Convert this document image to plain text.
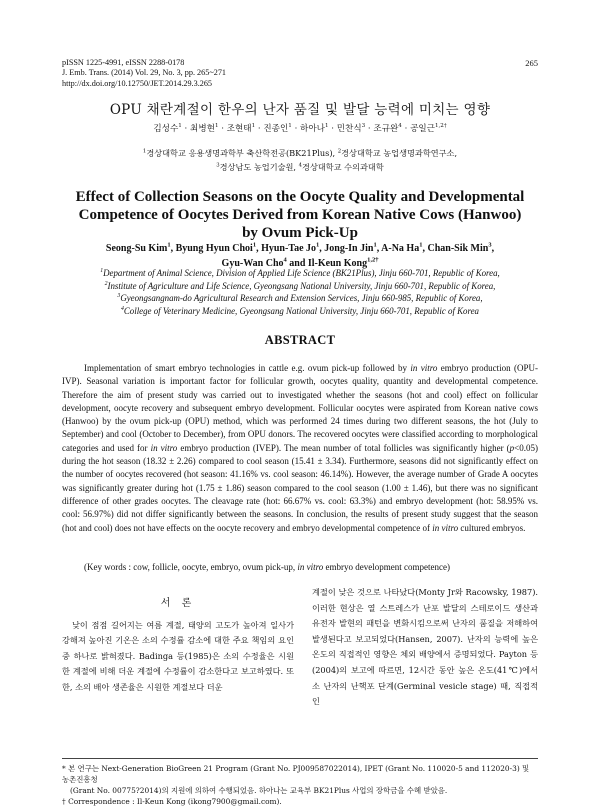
pISSN 1225-4991, eISSN 2288-0178
J. Emb. Trans. (2014) Vol. 29, No. 3, pp. 265~271
http://dx.doi.org/10.12750/JET.2014.29.3.265
265
OPU 채란계절이 한우의 난자 품질 및 발달 능력에 미치는 영향
김성수$^1$ · 최병현$^1$ · 조현태$^1$ · 진종인$^1$ · 하아나$^1$ · 민찬식$^3$ · 조규완$^4$ · 공일근$^{1,2\dagger}$
$^1$경상대학교 응용생명과학부 축산학전공(BK21Plus), $^2$경상대학교 농업생명과학연구소,
$^3$경상남도 농업기술원, $^4$경상대학교 수의과대학
Effect of Collection Seasons on the Oocyte Quality and Developmental Competence of Oocytes Derived from Korean Native Cows (Hanwoo) by Ovum Pick-Up
Seong-Su Kim$^1$, Byung Hyun Choi$^1$, Hyun-Tae Jo$^1$, Jong-In Jin$^1$, A-Na Ha$^1$, Chan-Sik Min$^3$,
Gyu-Wan Cho$^4$ and Il-Keun Kong$^{1,2\dagger}$
$^1$Department of Animal Science, Division of Applied Life Science (BK21Plus), Jinju 660-701, Republic of Korea,
$^2$Institute of Agriculture and Life Science, Gyeongsang National University, Jinju 660-701, Republic of Korea,
$^3$Gyeongsangnam-do Agricultural Research and Extension Services, Jinju 660-985, Republic of Korea,
$^4$College of Veterinary Medicine, Gyeongsang National University, Jinju 660-701, Republic of Korea
ABSTRACT
Implementation of smart embryo technologies in cattle e.g. ovum pick-up followed by in vitro embryo production (OPU-IVP). Seasonal variation is important factor for follicular growth, oocytes quality, quantity and developmental competence. Therefore the aim of present study was carried out to investigated whether the seasons (hot and cool) effect on follicular development, oocyte recovery and subsequent embryo development. Follicular oocytes were aspirated from Korean native cows (Hanwoo) by the ovum pick-up (OPU) method, which was performed 24 times during two different seasons, the hot (July to September) and cool (October to December), from OPU donors. The recovered oocytes were classified according to morphological categories and used for in vitro embryo production (IVEP). The mean number of total follicles was significantly higher (p<0.05) during the hot season (18.32 ± 2.26) compared to cool season (15.41 ± 3.34). Furthermore, seasons did not significantly effect on the number of oocytes recovered (hot season: 41.16% vs. cool season: 46.14%). However, the average number of Grade A oocytes was significantly greater during hot (1.75 ± 1.86) season compared to the cool season (1.00 ± 1.46), but there was no significant difference of other grades oocytes. The cleavage rate (hot: 66.67% vs. cool: 63.3%) and embryo development (hot: 58.95% vs. cool: 56.97%) did not differ significantly between the seasons. In conclusion, the results of present study suggest that the season (hot and cool) does not have effects on the oocyte recovery and embryo developmental competence of in vitro cultured embryos.
(Key words : cow, follicle, oocyte, embryo, ovum pick-up, in vitro embryo development competence)
서 론

낮이 점점 길어지는 여름 계절, 태양의 고도가 높아져 일사가 강해져 높아진 기온은 소의 수정률 감소에 대한 주요 책임의 요인 중 하나로 밝혀졌다. Badinga 등(1985)은 소의 수정율은 시원한 계절에 비해 더운 계절에 수정률이 감소한다고 보고하였다. 또한, 소의 배아 생존율은 시원한 계절보다 더운

계절이 낮은 것으로 나타났다(Monty Jr와 Racowsky, 1987). 이러한 현상은 열 스트레스가 난포 발달의 스테로이드 생산과 유전자 발현의 패턴을 변화시킴으로써 난자의 품질을 저해하여 발생된다고 보고되었다(Hansen, 2007). 난자의 능력에 높은 온도의 직접적인 영향은 체외 배양에서 증명되었다. Payton 등(2004)의 보고에 따르면, 12시간 동안 높은 온도(41℃)에서 소 난자의 난핵포 단계(Germinal vesicle stage) 때, 직접적인

* 본 연구는 Next-Generation BioGreen 21 Program (Grant No. PJ009587022014), IPET (Grant No. 110020-5 and 112020-3) 및 농촌진흥청
(Grant No. 00775?2014)의 지원에 의하여 수행되었음. 하아나는 교육부 BK21Plus 사업의 장학금을 수혜 받았음.
† Correspondence : Il-Keun Kong (ikong7900@gmail.com).
